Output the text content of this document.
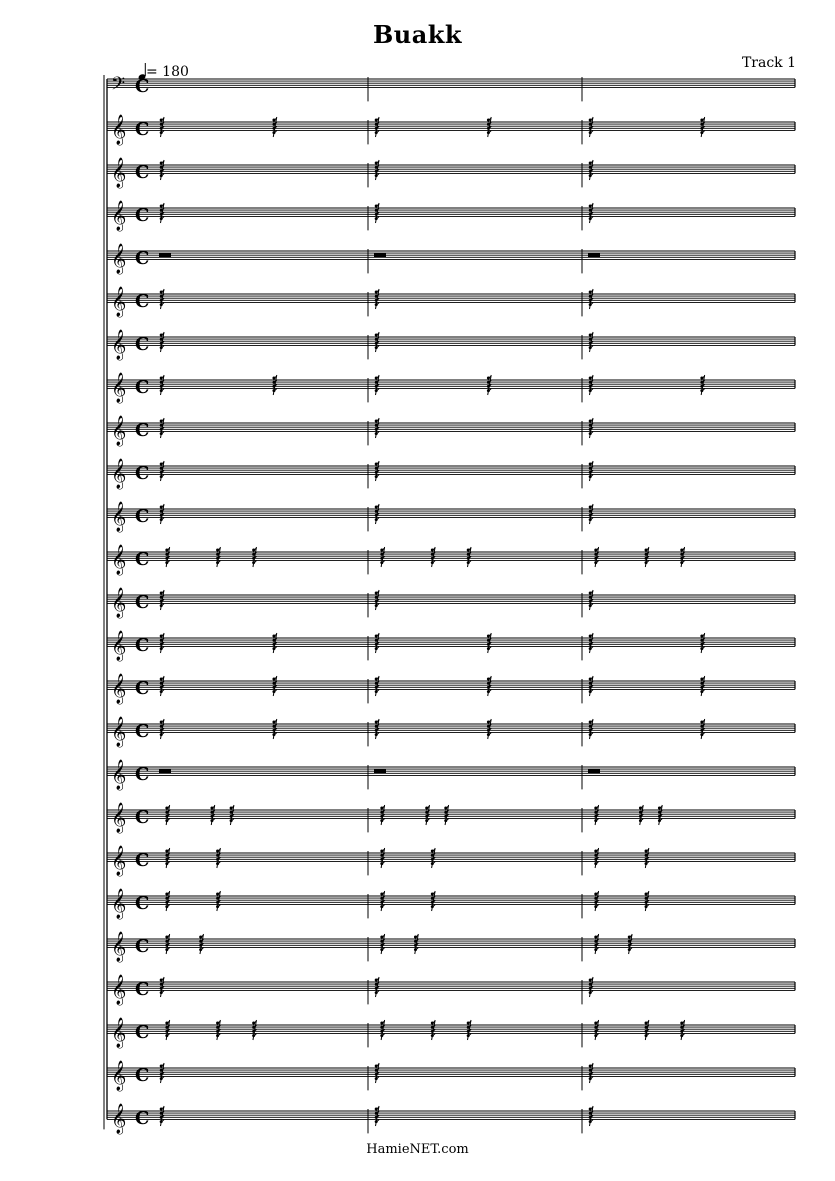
Buakk
Track 1
= 180
𝄢 C
𝄞 C
𝄞 C
𝄞 C
𝄞 C
𝄞 C
𝄞 C
𝄞 C
𝄞 C
𝄞 C
𝄞 C
𝄞 C
𝄞 C
𝄞 C
𝄞 C
𝄞 C
𝄞 C
𝄞 C
𝄞 C
𝄞 C
𝄞 C
𝄞 C
𝄞 C
𝄞 C
𝄞 C
HamieNET.com
